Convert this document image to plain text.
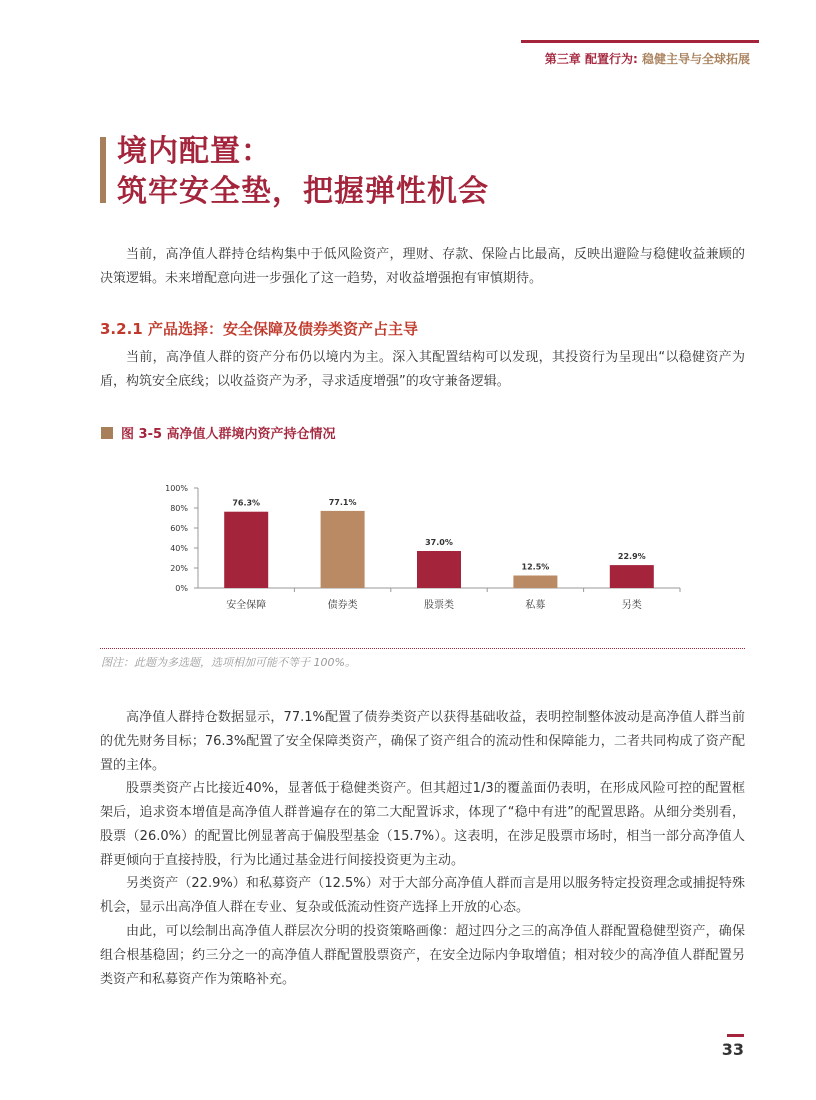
第三章 配置行为: 稳健主导与全球拓展
境内配置：
筑牢安全垫，把握弹性机会

当前，高净值人群持仓结构集中于低风险资产，理财、存款、保险占比最高，反映出避险与稳健收益兼顾的决策逻辑。未来增配意向进一步强化了这一趋势，对收益增强抱有审慎期待。

3.2.1 产品选择：安全保障及债券类资产占主导

当前，高净值人群的资产分布仍以境内为主。深入其配置结构可以发现，其投资行为呈现出“以稳健资产为盾，构筑安全底线；以收益资产为矛，寻求适度增强”的攻守兼备逻辑。

图 3-5 高净值人群境内资产持仓情况
0%
20%
40%
60%
80%
100%
76.3%
安全保障
77.1%
债券类
37.0%
股票类
12.5%
私募
22.9%
另类
图注：此题为多选题，选项相加可能不等于 100%。

高净值人群持仓数据显示，77.1%配置了债券类资产以获得基础收益，表明控制整体波动是高净值人群当前的优先财务目标；76.3%配置了安全保障类资产，确保了资产组合的流动性和保障能力，二者共同构成了资产配置的主体。

股票类资产占比接近40%，显著低于稳健类资产。但其超过1/3的覆盖面仍表明，在形成风险可控的配置框架后，追求资本增值是高净值人群普遍存在的第二大配置诉求，体现了“稳中有进”的配置思路。从细分类别看，股票（26.0%）的配置比例显著高于偏股型基金（15.7%）。这表明，在涉足股票市场时，相当一部分高净值人群更倾向于直接持股，行为比通过基金进行间接投资更为主动。

另类资产（22.9%）和私募资产（12.5%）对于大部分高净值人群而言是用以服务特定投资理念或捕捉特殊机会，显示出高净值人群在专业、复杂或低流动性资产选择上开放的心态。

由此，可以绘制出高净值人群层次分明的投资策略画像：超过四分之三的高净值人群配置稳健型资产，确保组合根基稳固；约三分之一的高净值人群配置股票资产，在安全边际内争取增值；相对较少的高净值人群配置另类资产和私募资产作为策略补充。

33
